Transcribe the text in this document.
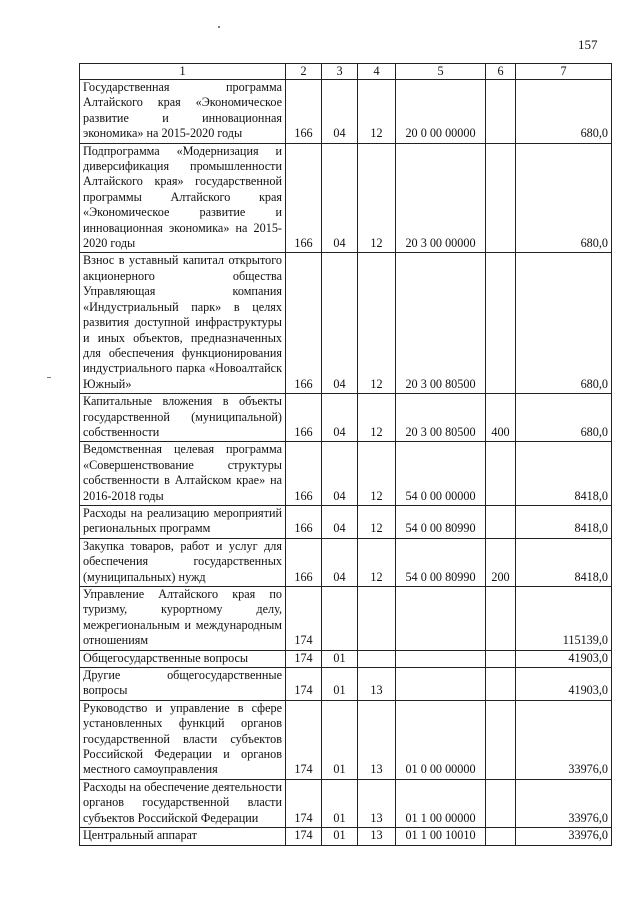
157
1	2	3	4	5	6	7
Государственная программа Алтайского края «Экономическое развитие и инновационная экономика» на 2015-2020 годы	166	04	12	20 0 00 00000		680,0
Подпрограмма «Модернизация и диверсификация промышленности Алтайского края» государственной программы Алтайского края «Экономическое развитие и инновационная экономика» на 2015-2020 годы	166	04	12	20 3 00 00000		680,0
Взнос в уставный капитал открытого акционерного общества Управляющая компания «Индустриальный парк» в целях развития доступной инфраструктуры и иных объектов, предназначенных для обеспечения функционирования индустриального парка «Новоалтайск Южный»	166	04	12	20 3 00 80500		680,0
Капитальные вложения в объекты государственной (муниципальной) собственности	166	04	12	20 3 00 80500	400	680,0
Ведомственная целевая программа «Совершенствование структуры собственности в Алтайском крае» на 2016-2018 годы	166	04	12	54 0 00 00000		8418,0
Расходы на реализацию мероприятий региональных программ	166	04	12	54 0 00 80990		8418,0
Закупка товаров, работ и услуг для обеспечения государственных (муниципальных) нужд	166	04	12	54 0 00 80990	200	8418,0
Управление Алтайского края по туризму, курортному делу, межрегиональным и международным отношениям	174					115139,0
Общегосударственные вопросы	174	01				41903,0
Другие общегосударственные вопросы	174	01	13			41903,0
Руководство и управление в сфере установленных функций органов государственной власти субъектов Российской Федерации и органов местного самоуправления	174	01	13	01 0 00 00000		33976,0
Расходы на обеспечение деятельности органов государственной власти субъектов Российской Федерации	174	01	13	01 1 00 00000		33976,0
Центральный аппарат	174	01	13	01 1 00 10010		33976,0
